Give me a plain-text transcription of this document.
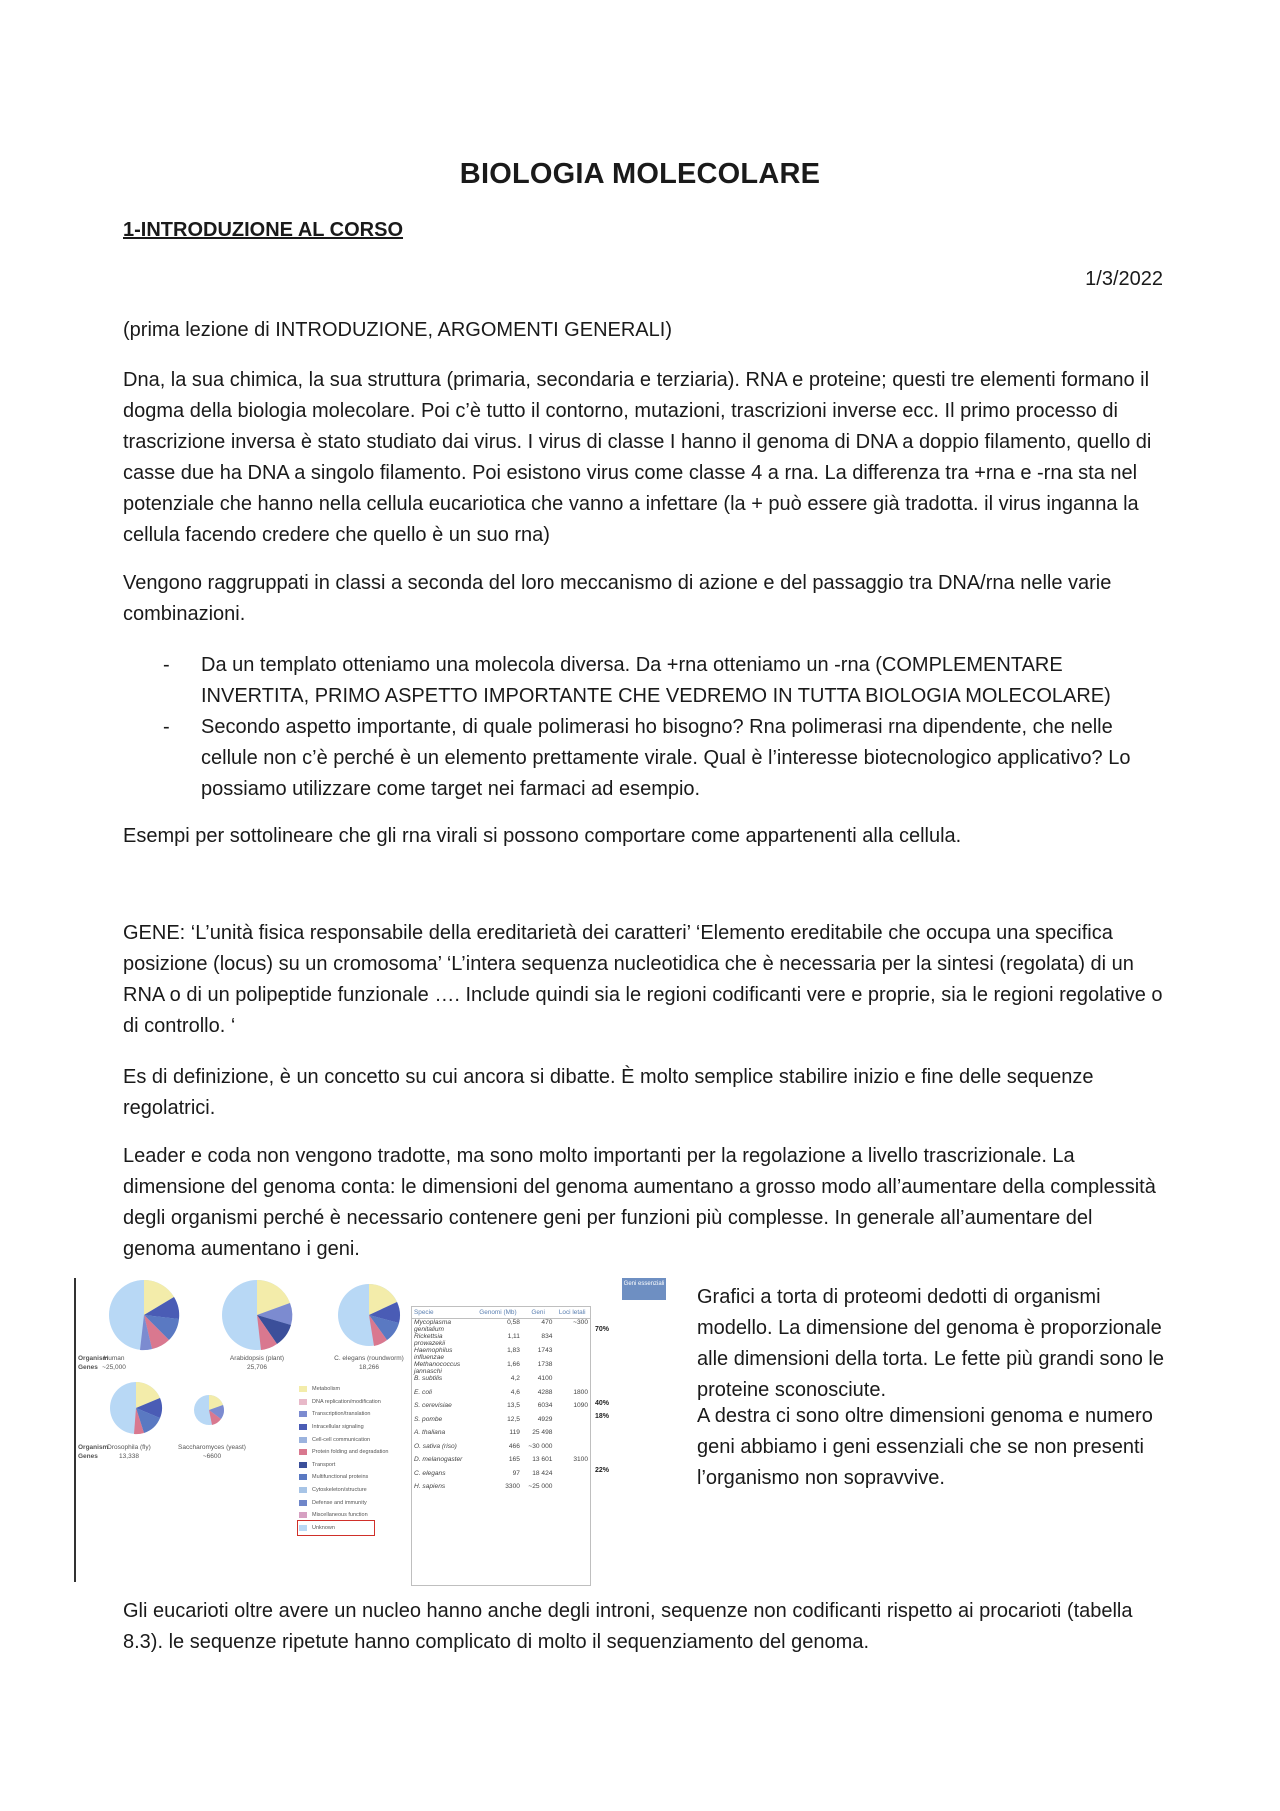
BIOLOGIA MOLECOLARE
1-INTRODUZIONE AL CORSO
1/3/2022

(prima lezione di INTRODUZIONE, ARGOMENTI GENERALI)

Dna, la sua chimica, la sua struttura (primaria, secondaria e terziaria). RNA e proteine; questi tre elementi formano il dogma della biologia molecolare. Poi c’è tutto il contorno, mutazioni, trascrizioni inverse ecc. Il primo processo di trascrizione inversa è stato studiato dai virus. I virus di classe I hanno il genoma di DNA a doppio filamento, quello di casse due ha DNA a singolo filamento. Poi esistono virus come classe 4 a rna. La differenza tra +rna e -rna sta nel potenziale che hanno nella cellula eucariotica che vanno a infettare (la + può essere già tradotta. il virus inganna la cellula facendo credere che quello è un suo rna)

Vengono raggruppati in classi a seconda del loro meccanismo di azione e del passaggio tra DNA/rna nelle varie combinazioni.

- Da un templato otteniamo una molecola diversa. Da +rna otteniamo un -rna (COMPLEMENTARE INVERTITA, PRIMO ASPETTO IMPORTANTE CHE VEDREMO IN TUTTA BIOLOGIA MOLECOLARE)
- Secondo aspetto importante, di quale polimerasi ho bisogno? Rna polimerasi rna dipendente, che nelle cellule non c’è perché è un elemento prettamente virale. Qual è l’interesse biotecnologico applicativo? Lo possiamo utilizzare come target nei farmaci ad esempio.

Esempi per sottolineare che gli rna virali si possono comportare come appartenenti alla cellula.

GENE: ‘L’unità fisica responsabile della ereditarietà dei caratteri’ ‘Elemento ereditabile che occupa una specifica posizione (locus) su un cromosoma’ ‘L’intera sequenza nucleotidica che è necessaria per la sintesi (regolata) di un RNA o di un polipeptide funzionale …. Include quindi sia le regioni codificanti vere e proprie, sia le regioni regolative o di controllo. ‘

Es di definizione, è un concetto su cui ancora si dibatte. È molto semplice stabilire inizio e fine delle sequenze regolatrici.

Leader e coda non vengono tradotte, ma sono molto importanti per la regolazione a livello trascrizionale. La dimensione del genoma conta: le dimensioni del genoma aumentano a grosso modo all’aumentare della complessità degli organismi perché è necessario contenere geni per funzioni più complesse. In generale all’aumentare del genoma aumentano i geni.

Human
~25,000
Arabidopsis (plant)
25,706
Organism
Genes
Organism
Genes
Drosophila (fly)
13,338
Saccharomyces (yeast)
~6600
C. elegans (roundworm)
18,266
Metabolism
DNA replication/modification
Transcription/translation
Intracellular signaling
Cell-cell communication
Protein folding and degradation
Transport
Multifunctional proteins
Cytoskeleton/structure
Defense and immunity
Miscellaneous function
Unknown
Specie	Genomi (Mb)	Geni	Loci letali
Mycoplasma genitalium	0,58	470	~300
Rickettsia prowazekii	1,11	834	
Haemophilus influenzae	1,83	1743	
Methanococcus jannaschi	1,66	1738	
B. subtilis	4,2	4100	
E. coli	4,6	4288	1800
S. cerevisiae	13,5	6034	1090
S. pombe	12,5	4929	
A. thaliana	119	25 498	
O. sativa (riso)	466	~30 000	
D. melanogaster	165	13 601	3100
C. elegans	97	18 424	
H. sapiens	3300	~25 000	
Geni essenziali
70%
40%
18%
22%

Grafici a torta di proteomi dedotti di organismi modello. La dimensione del genoma è proporzionale alle dimensioni della torta. Le fette più grandi sono le proteine sconosciute.

A destra ci sono oltre dimensioni genoma e numero geni abbiamo i geni essenziali che se non presenti l’organismo non sopravvive.

Gli eucarioti oltre avere un nucleo hanno anche degli introni, sequenze non codificanti rispetto ai procarioti (tabella 8.3). le sequenze ripetute hanno complicato di molto il sequenziamento del genoma.
